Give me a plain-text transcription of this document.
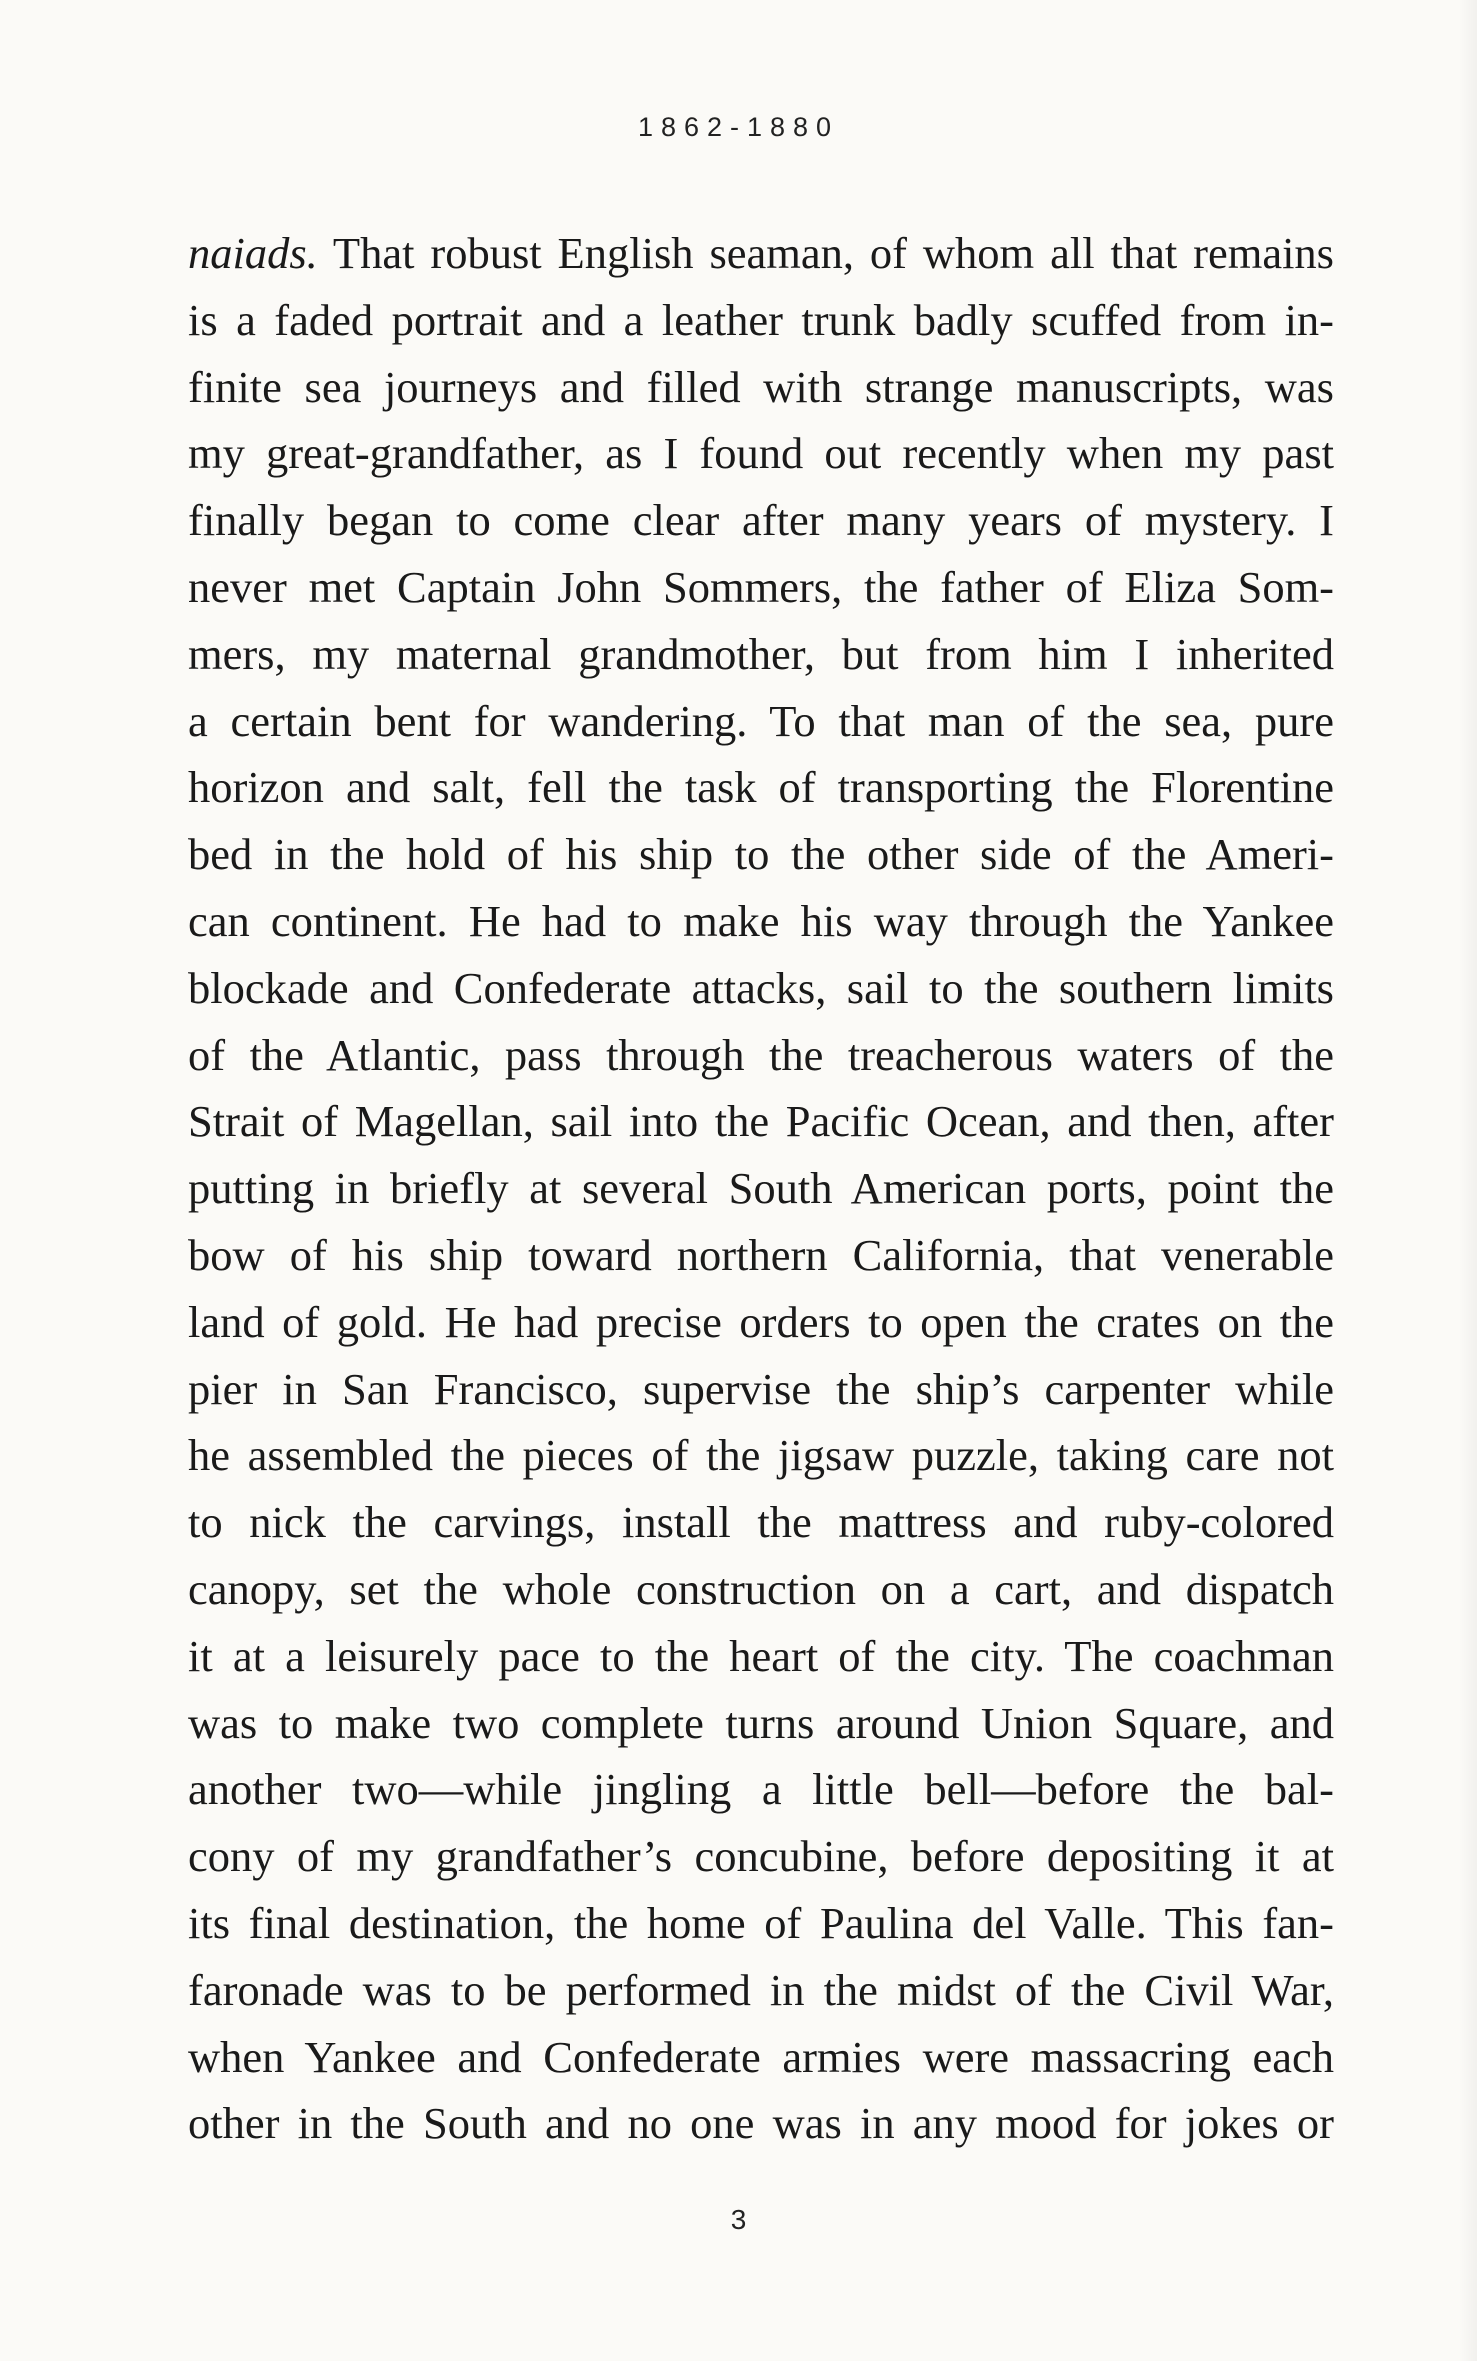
1862-1880
naiads. That robust English seaman, of whom all that remains
is a faded portrait and a leather trunk badly scuffed from in-
finite sea journeys and filled with strange manuscripts, was
my great-grandfather, as I found out recently when my past
finally began to come clear after many years of mystery. I
never met Captain John Sommers, the father of Eliza Som-
mers, my maternal grandmother, but from him I inherited
a certain bent for wandering. To that man of the sea, pure
horizon and salt, fell the task of transporting the Florentine
bed in the hold of his ship to the other side of the Ameri-
can continent. He had to make his way through the Yankee
blockade and Confederate attacks, sail to the southern limits
of the Atlantic, pass through the treacherous waters of the
Strait of Magellan, sail into the Pacific Ocean, and then, after
putting in briefly at several South American ports, point the
bow of his ship toward northern California, that venerable
land of gold. He had precise orders to open the crates on the
pier in San Francisco, supervise the ship’s carpenter while
he assembled the pieces of the jigsaw puzzle, taking care not
to nick the carvings, install the mattress and ruby-colored
canopy, set the whole construction on a cart, and dispatch
it at a leisurely pace to the heart of the city. The coachman
was to make two complete turns around Union Square, and
another two—while jingling a little bell—before the bal-
cony of my grandfather’s concubine, before depositing it at
its final destination, the home of Paulina del Valle. This fan-
faronade was to be performed in the midst of the Civil War,
when Yankee and Confederate armies were massacring each
other in the South and no one was in any mood for jokes or
3
